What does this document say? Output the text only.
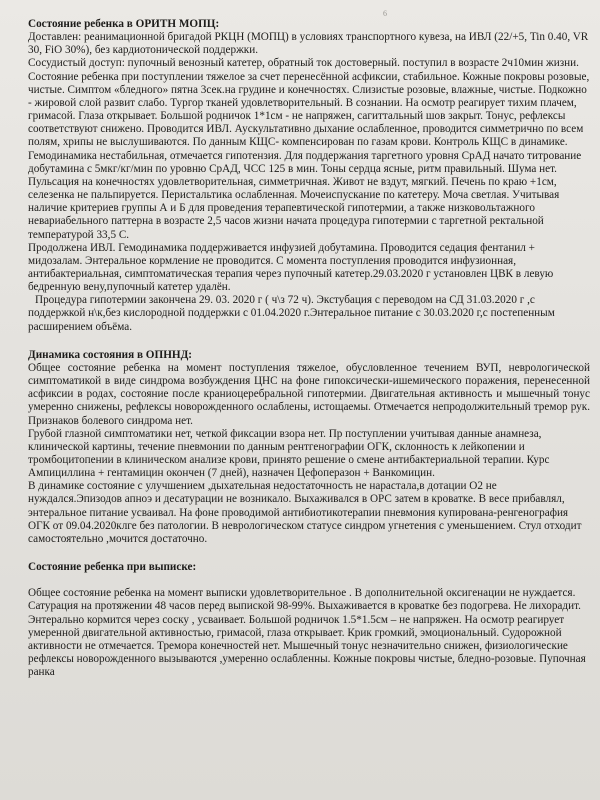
6
Состояние ребенка в ОРИТН МОПЦ:

Доставлен: реанимационной бригадой РКЦН (МОПЦ) в условиях транспортного кувеза, на ИВЛ (22/+5, Tin 0.40, VR 30, FiO 30%), без кардиотонической поддержки.

Сосудистый доступ: пупочный венозный катетер, обратный ток достоверный. поступил в возрасте 2ч10мин жизни.

Состояние ребенка при поступлении тяжелое за счет перенесённой асфиксии, стабильное. Кожные покровы розовые, чистые. Симптом «бледного» пятна 3сек.на грудине и конечностях. Слизистые розовые, влажные, чистые. Подкожно - жировой слой развит слабо. Тургор тканей удовлетворительный. В сознании. На осмотр реагирует тихим плачем, гримасой. Глаза открывает. Большой родничок 1*1см - не напряжен, сагиттальный шов закрыт. Тонус, рефлексы соответствуют снижено. Проводится ИВЛ. Аускультативно дыхание ослабленное, проводится симметрично по всем полям, хрипы не выслушиваются. По данным КЩС- компенсирован по газам крови. Контроль КЩС в динамике. Гемодинамика нестабильная, отмечается гипотензия. Для поддержания таргетного уровня СрАД начато титрование добутамина с 5мкг/кг/мин по уровню СрАД, ЧСС 125 в мин. Тоны сердца ясные, ритм правильный. Шума нет. Пульсация на конечностях удовлетворительная, симметричная. Живот не вздут, мягкий. Печень по краю +1см, селезенка не пальпируется. Перистальтика ослабленная. Мочеиспускание по катетеру. Моча светлая. Учитывая наличие критериев группы А и Б для проведения терапевтической гипотермии, а также низковольтажного невариабельного паттерна в возрасте 2,5 часов жизни начата процедура гипотермии с таргетной ректальной температурой 33,5 С.

Продолжена ИВЛ. Гемодинамика поддерживается инфузией добутамина. Проводится седация фентанил + мидозалам. Энтеральное кормление не проводится. С момента поступления проводится инфузионная, антибактериальная, симптоматическая терапия через пупочный катетер.29.03.2020 г установлен ЦВК в левую бедренную вену,пупочный катетер удалён.

Процедура гипотермии закончена 29. 03. 2020 г ( ч\з 72 ч). Экстубация с переводом на СД 31.03.2020 г ,с поддержкой н\к,без кислородной поддержки с 01.04.2020 г.Энтеральное питание с 30.03.2020 г,с постепенным расширением объёма.

Динамика состояния в ОПННД:

Общее состояние ребенка на момент поступления тяжелое, обусловленное течением ВУП, неврологической симптоматикой в виде синдрома возбуждения ЦНС на фоне гипоксически-ишемического поражения, перенесенной асфиксии в родах, состояние после краниоцеребральной гипотермии. Двигательная активность и мышечный тонус умеренно снижены, рефлексы новорожденного ослаблены, истощаемы. Отмечается непродолжительный тремор рук. Признаков болевого синдрома нет.

Грубой глазной симптоматики нет, четкой фиксации взора нет. Пр поступлении учитывая данные анамнеза, клинической картины, течение пневмонии по данным рентгенографии ОГК, склонность к лейкопении и тромбоцитопении в клиническом анализе крови, принято решение о смене антибактериальной терапии. Курс Ампициллина + гентамицин окончен (7 дней), назначен Цефоперазон + Ванкомицин.

В динамике состояние с улучшением ,дыхательная недостаточность не нарастала,в дотации О2 не нуждался.Эпизодов апноэ и десатурации не возникало. Выхаживался в ОРС затем в кроватке. В весе прибавлял, энтеральное питание усваивал. На фоне проводимой антибиотикотерапии пневмония купирована-ренгенография ОГК от 09.04.2020клге без патологии. В неврологическом статусе синдром угнетения с уменьшением. Стул отходит самостоятельно ,мочится достаточно.

Состояние ребенка при выписке:

Общее состояние ребенка на момент выписки удовлетворительное . В дополнительной оксигенации не нуждается. Сатурация на протяжении 48 часов перед выпиской 98-99%. Выхаживается в кроватке без подогрева. Не лихорадит. Энтерально кормится через соску , усваивает. Большой родничок 1.5*1.5см – не напряжен. На осмотр реагирует умеренной двигательной активностью, гримасой, глаза открывает. Крик громкий, эмоциональный. Судорожной активности не отмечается. Тремора конечностей нет. Мышечный тонус незначительно снижен, физиологические рефлексы новорожденного вызываются ,умеренно ослабленны. Кожные покровы чистые, бледно-розовые. Пупочная ранка
